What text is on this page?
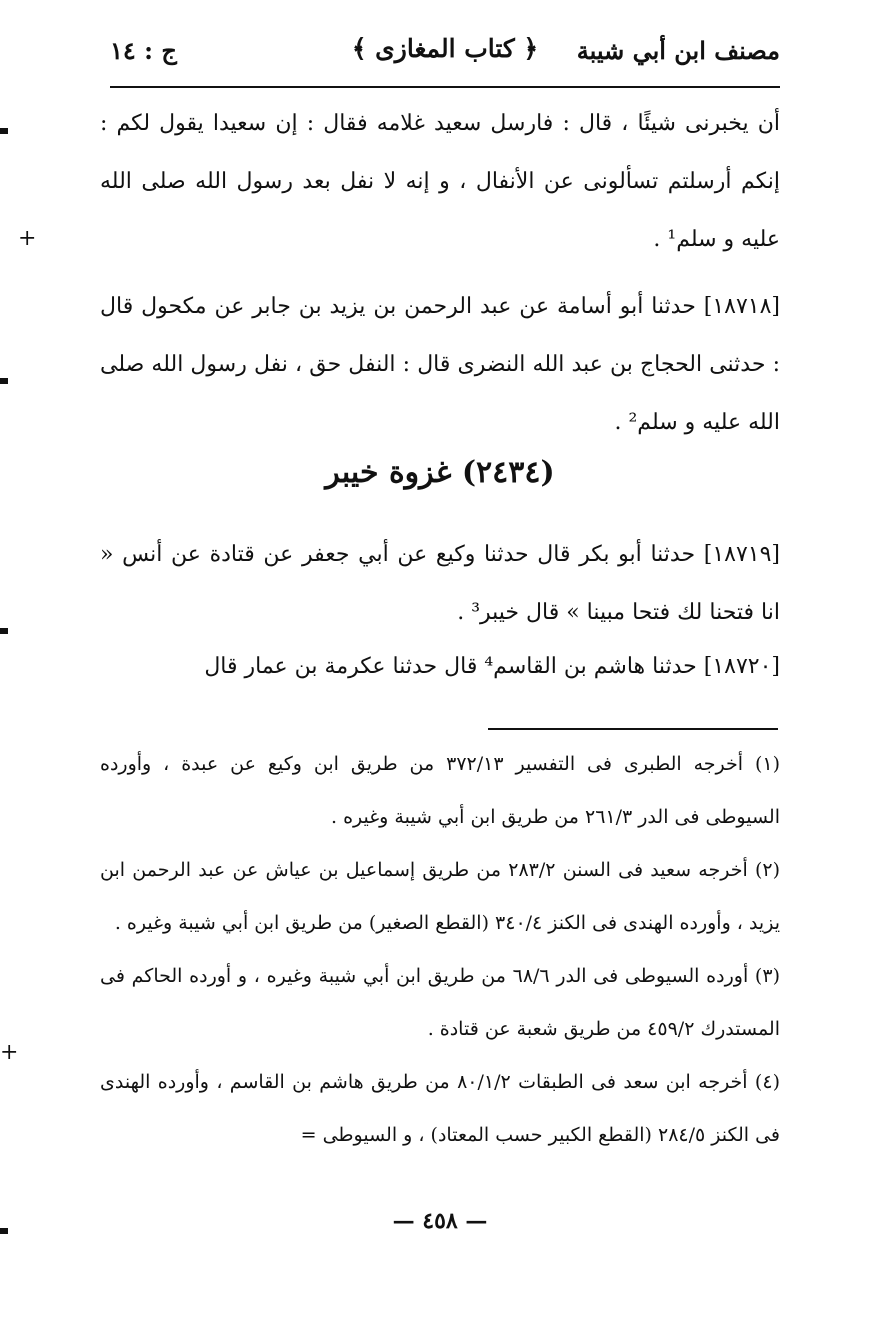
مصنف ابن أبي شيبة
﴿ كتاب المغازى ﴾
ج : ١٤
أن يخبرنى شيئًا ، قال : فارسل سعيد غلامه فقال : إن سعيدا يقول لكم : إنكم أرسلتم تسألونى عن الأنفال ، و إنه لا نفل بعد رسول الله صلى الله عليه و سلم¹ .
[١٨٧١٨] حدثنا أبو أسامة عن عبد الرحمن بن يزيد بن جابر عن مكحول قال : حدثنى الحجاج بن عبد الله النضرى قال : النفل حق ، نفل رسول الله صلى الله عليه و سلم² .
(٢٤٣٤) غزوة خيبر
[١٨٧١٩] حدثنا أبو بكر قال حدثنا وكيع عن أبي جعفر عن قتادة عن أنس « انا فتحنا لك فتحا مبينا » قال خيبر³ .
[١٨٧٢٠] حدثنا هاشم بن القاسم⁴ قال حدثنا عكرمة بن عمار قال

(١) أخرجه الطبرى فى التفسير ٣٧٢/١٣ من طريق ابن وكيع عن عبدة ، وأورده السيوطى فى الدر ٢٦١/٣ من طريق ابن أبي شيبة وغيره .

(٢) أخرجه سعيد فى السنن ٢٨٣/٢ من طريق إسماعيل بن عياش عن عبد الرحمن ابن يزيد ، وأورده الهندى فى الكنز ٣٤٠/٤ (القطع الصغير) من طريق ابن أبي شيبة وغيره .

(٣) أورده السيوطى فى الدر ٦٨/٦ من طريق ابن أبي شيبة وغيره ، و أورده الحاكم فى المستدرك ٤٥٩/٢ من طريق شعبة عن قتادة .

(٤) أخرجه ابن سعد فى الطبقات ٨٠/١/٢ من طريق هاشم بن القاسم ، وأورده الهندى فى الكنز ٢٨٤/٥ (القطع الكبير حسب المعتاد) ، و السيوطى =

— ٤٥٨ —
+
+
